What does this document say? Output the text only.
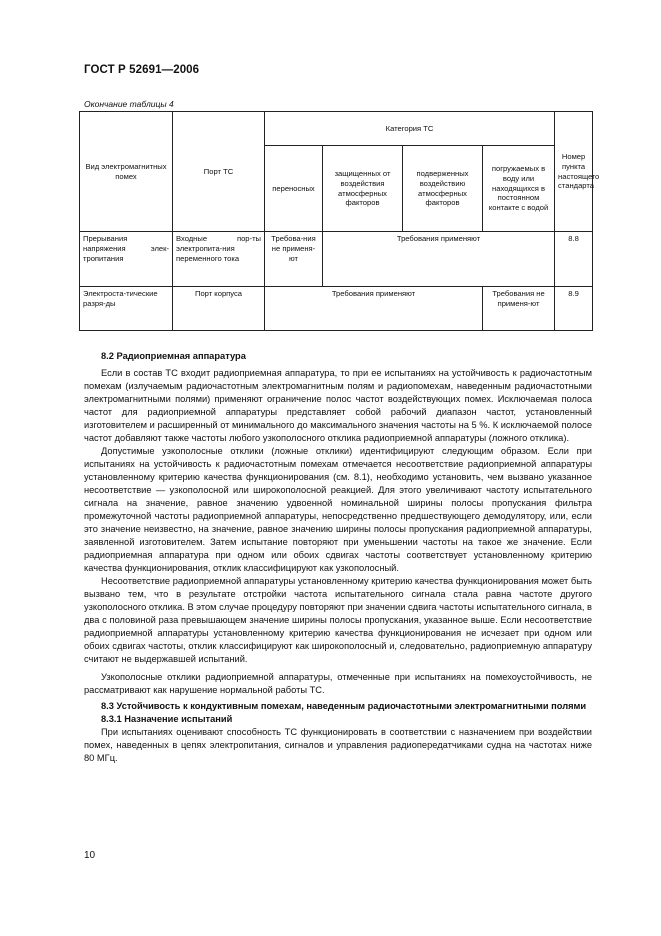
ГОСТ Р 52691—2006
Окончание таблицы 4
Вид электромагнитных помех	Порт ТС	Категория ТС				Номер пункта настоящего стандарта
		переносных	защищенных от воздействия атмосферных факторов	подверженных воздействию атмосферных факторов	погружаемых в воду или находящихся в постоянном контакте с водой	
Прерывания напряжения элек-тропитания	Входные пор-ты электропита-ния переменного тока	Требова-ния не применя-ют	Требования применяют			8.8
Электроста-тические разря-ды	Порт корпуса	Требования применяют			Требования не применя-ют	8.9

8.2 Радиоприемная аппаратура

Если в состав ТС входит радиоприемная аппаратура, то при ее испытаниях на устойчивость к радиочастотным помехам (излучаемым радиочастотным электромагнитным полям и радиопомехам, наведенным радиочастотными электромагнитными полями) применяют ограничение полос частот воздействующих помех. Исключаемая полоса частот для радиоприемной аппаратуры представляет собой рабочий диапазон частот, установленный изготовителем и расширенный от минимального до максимального значения частоты на 5 %. К исключаемой полосе частот добавляют также частоты любого узкополосного отклика радиоприемной аппаратуры (ложного отклика).

Допустимые узкополосные отклики (ложные отклики) идентифицируют следующим образом. Если при испытаниях на устойчивость к радиочастотным помехам отмечается несоответствие радиоприемной аппаратуры установленному критерию качества функционирования (см. 8.1), необходимо установить, чем вызвано указанное несоответствие — узкополосной или широкополосной реакцией. Для этого увеличивают частоту испытательного сигнала на значение, равное значению удвоенной номинальной ширины полосы пропускания фильтра промежуточной частоты радиоприемной аппаратуры, непосредственно предшествующего демодулятору, или, если это значение неизвестно, на значение, равное значению ширины полосы пропускания радиоприемной аппаратуры, заявленной изготовителем. Затем испытание повторяют при уменьшении частоты на такое же значение. Если радиоприемная аппаратура при одном или обоих сдвигах частоты соответствует установленному критерию качества функционирования, отклик классифицируют как узкополосный.

Несоответствие радиоприемной аппаратуры установленному критерию качества функционирования может быть вызвано тем, что в результате отстройки частота испытательного сигнала стала равна частоте другого узкополосного отклика. В этом случае процедуру повторяют при значении сдвига частоты испытательного сигнала, в два с половиной раза превышающем значение ширины полосы пропускания, указанное выше. Если несоответствие радиоприемной аппаратуры установленному критерию качества функционирования не исчезает при одном или обоих сдвигах частоты, отклик классифицируют как широкополосный и, следовательно, радиоприемную аппаратуру считают не выдержавшей испытаний.

Узкополосные отклики радиоприемной аппаратуры, отмеченные при испытаниях на помехоустойчивость, не рассматривают как нарушение нормальной работы ТС.

8.3 Устойчивость к кондуктивным помехам, наведенным радиочастотными электромагнитными полями

8.3.1 Назначение испытаний

При испытаниях оценивают способность ТС функционировать в соответствии с назначением при воздействии помех, наведенных в цепях электропитания, сигналов и управления радиопередатчиками судна на частотах ниже 80 МГц.

10
